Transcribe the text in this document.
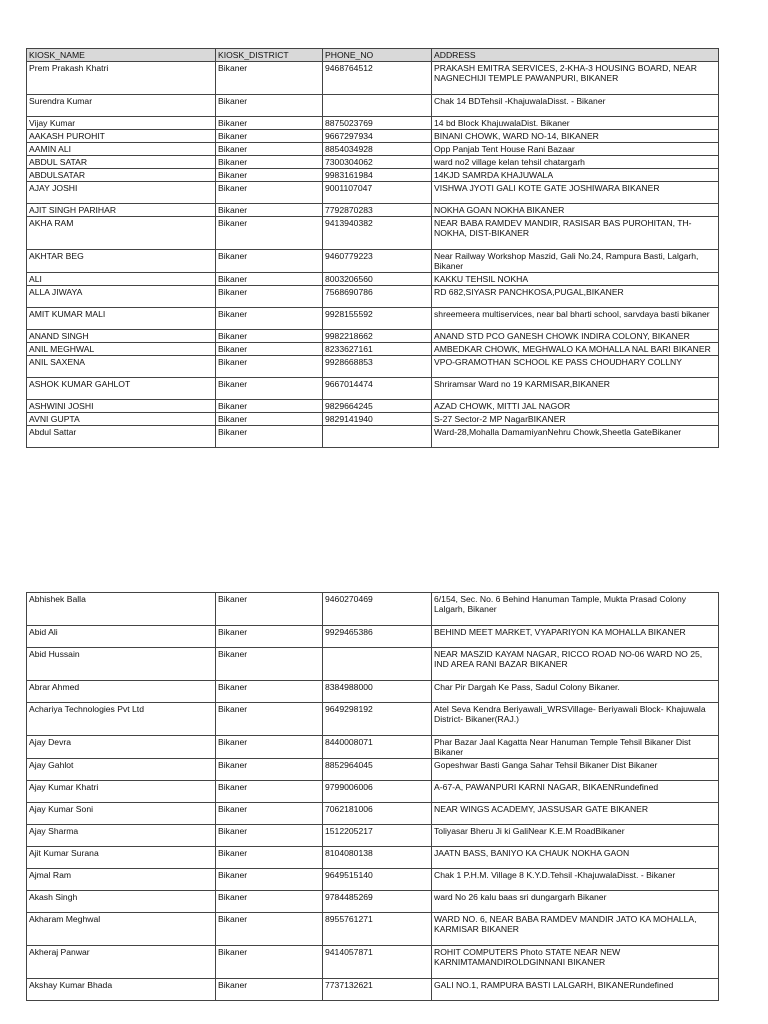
KIOSK_NAME	KIOSK_DISTRICT	PHONE_NO	ADDRESS
Prem Prakash Khatri	Bikaner	9468764512	PRAKASH EMITRA SERVICES, 2-KHA-3 HOUSING BOARD, NEAR NAGNECHIJI TEMPLE PAWANPURI, BIKANER
Surendra Kumar	Bikaner		Chak 14 BDTehsil -KhajuwalaDisst. - Bikaner
Vijay Kumar	Bikaner	8875023769	14 bd Block KhajuwalaDist. Bikaner
AAKASH PUROHIT	Bikaner	9667297934	BINANI CHOWK, WARD NO-14, BIKANER
AAMIN ALI	Bikaner	8854034928	Opp Panjab Tent House Rani Bazaar
ABDUL SATAR	Bikaner	7300304062	ward no2 village kelan tehsil chatargarh
ABDULSATAR	Bikaner	9983161984	14KJD SAMRDA KHAJUWALA
AJAY JOSHI	Bikaner	9001107047	VISHWA JYOTI GALI KOTE GATE JOSHIWARA BIKANER
AJIT SINGH PARIHAR	Bikaner	7792870283	NOKHA GOAN NOKHA BIKANER
AKHA RAM	Bikaner	9413940382	NEAR BABA RAMDEV MANDIR, RASISAR BAS PUROHITAN, TH- NOKHA, DIST-BIKANER
AKHTAR BEG	Bikaner	9460779223	Near Railway Workshop Maszid, Gali No.24, Rampura Basti, Lalgarh, Bikaner
ALI	Bikaner	8003206560	KAKKU TEHSIL NOKHA
ALLA JIWAYA	Bikaner	7568690786	RD 682,SIYASR PANCHKOSA,PUGAL,BIKANER
AMIT KUMAR MALI	Bikaner	9928155592	shreemeera multiservices, near bal bharti school, sarvdaya basti bikaner
ANAND SINGH	Bikaner	9982218662	ANAND STD PCO GANESH CHOWK INDIRA COLONY, BIKANER
ANIL MEGHWAL	Bikaner	8233627161	AMBEDKAR CHOWK, MEGHWALO KA MOHALLA NAL BARI BIKANER
ANIL SAXENA	Bikaner	9928668853	VPO-GRAMOTHAN SCHOOL KE PASS CHOUDHARY COLLNY
ASHOK KUMAR GAHLOT	Bikaner	9667014474	Shriramsar Ward no 19 KARMISAR,BIKANER
ASHWINI JOSHI	Bikaner	9829664245	AZAD CHOWK, MITTI JAL NAGOR
AVNI GUPTA	Bikaner	9829141940	S-27 Sector-2 MP NagarBIKANER
Abdul Sattar	Bikaner		Ward-28,Mohalla DamamiyanNehru Chowk,Sheetla GateBikaner
Abhishek Balla	Bikaner	9460270469	6/154, Sec. No. 6 Behind Hanuman Tample, Mukta Prasad Colony Lalgarh, Bikaner
Abid Ali	Bikaner	9929465386	BEHIND MEET MARKET, VYAPARIYON KA MOHALLA BIKANER
Abid Hussain	Bikaner		NEAR MASZID KAYAM NAGAR, RICCO ROAD NO-06 WARD NO 25, IND AREA RANI BAZAR BIKANER
Abrar Ahmed	Bikaner	8384988000	Char Pir Dargah Ke Pass, Sadul Colony Bikaner.
Achariya Technologies Pvt Ltd	Bikaner	9649298192	Atel Seva Kendra Beriyawali_WRSVillage- Beriyawali Block- Khajuwala District- Bikaner(RAJ.)
Ajay Devra	Bikaner	8440008071	Phar Bazar Jaal Kagatta Near Hanuman Temple Tehsil Bikaner Dist Bikaner
Ajay Gahlot	Bikaner	8852964045	Gopeshwar Basti Ganga Sahar Tehsil Bikaner Dist Bikaner
Ajay Kumar Khatri	Bikaner	9799006006	A-67-A, PAWANPURI KARNI NAGAR, BIKAENRundefined
Ajay Kumar Soni	Bikaner	7062181006	NEAR WINGS ACADEMY, JASSUSAR GATE BIKANER
Ajay Sharma	Bikaner	1512205217	Toliyasar Bheru Ji ki GaliNear K.E.M RoadBikaner
Ajit Kumar Surana	Bikaner	8104080138	JAATN BASS, BANIYO KA CHAUK NOKHA GAON
Ajmal Ram	Bikaner	9649515140	Chak 1 P.H.M. Village 8 K.Y.D.Tehsil -KhajuwalaDisst. - Bikaner
Akash Singh	Bikaner	9784485269	ward No 26 kalu baas sri dungargarh Bikaner
Akharam Meghwal	Bikaner	8955761271	WARD NO. 6, NEAR BABA RAMDEV MANDIR JATO KA MOHALLA, KARMISAR BIKANER
Akheraj Panwar	Bikaner	9414057871	ROHIT COMPUTERS Photo STATE NEAR NEW KARNIMTAMANDIROLDGINNANI BIKANER
Akshay Kumar Bhada	Bikaner	7737132621	GALI NO.1, RAMPURA BASTI LALGARH, BIKANERundefined
